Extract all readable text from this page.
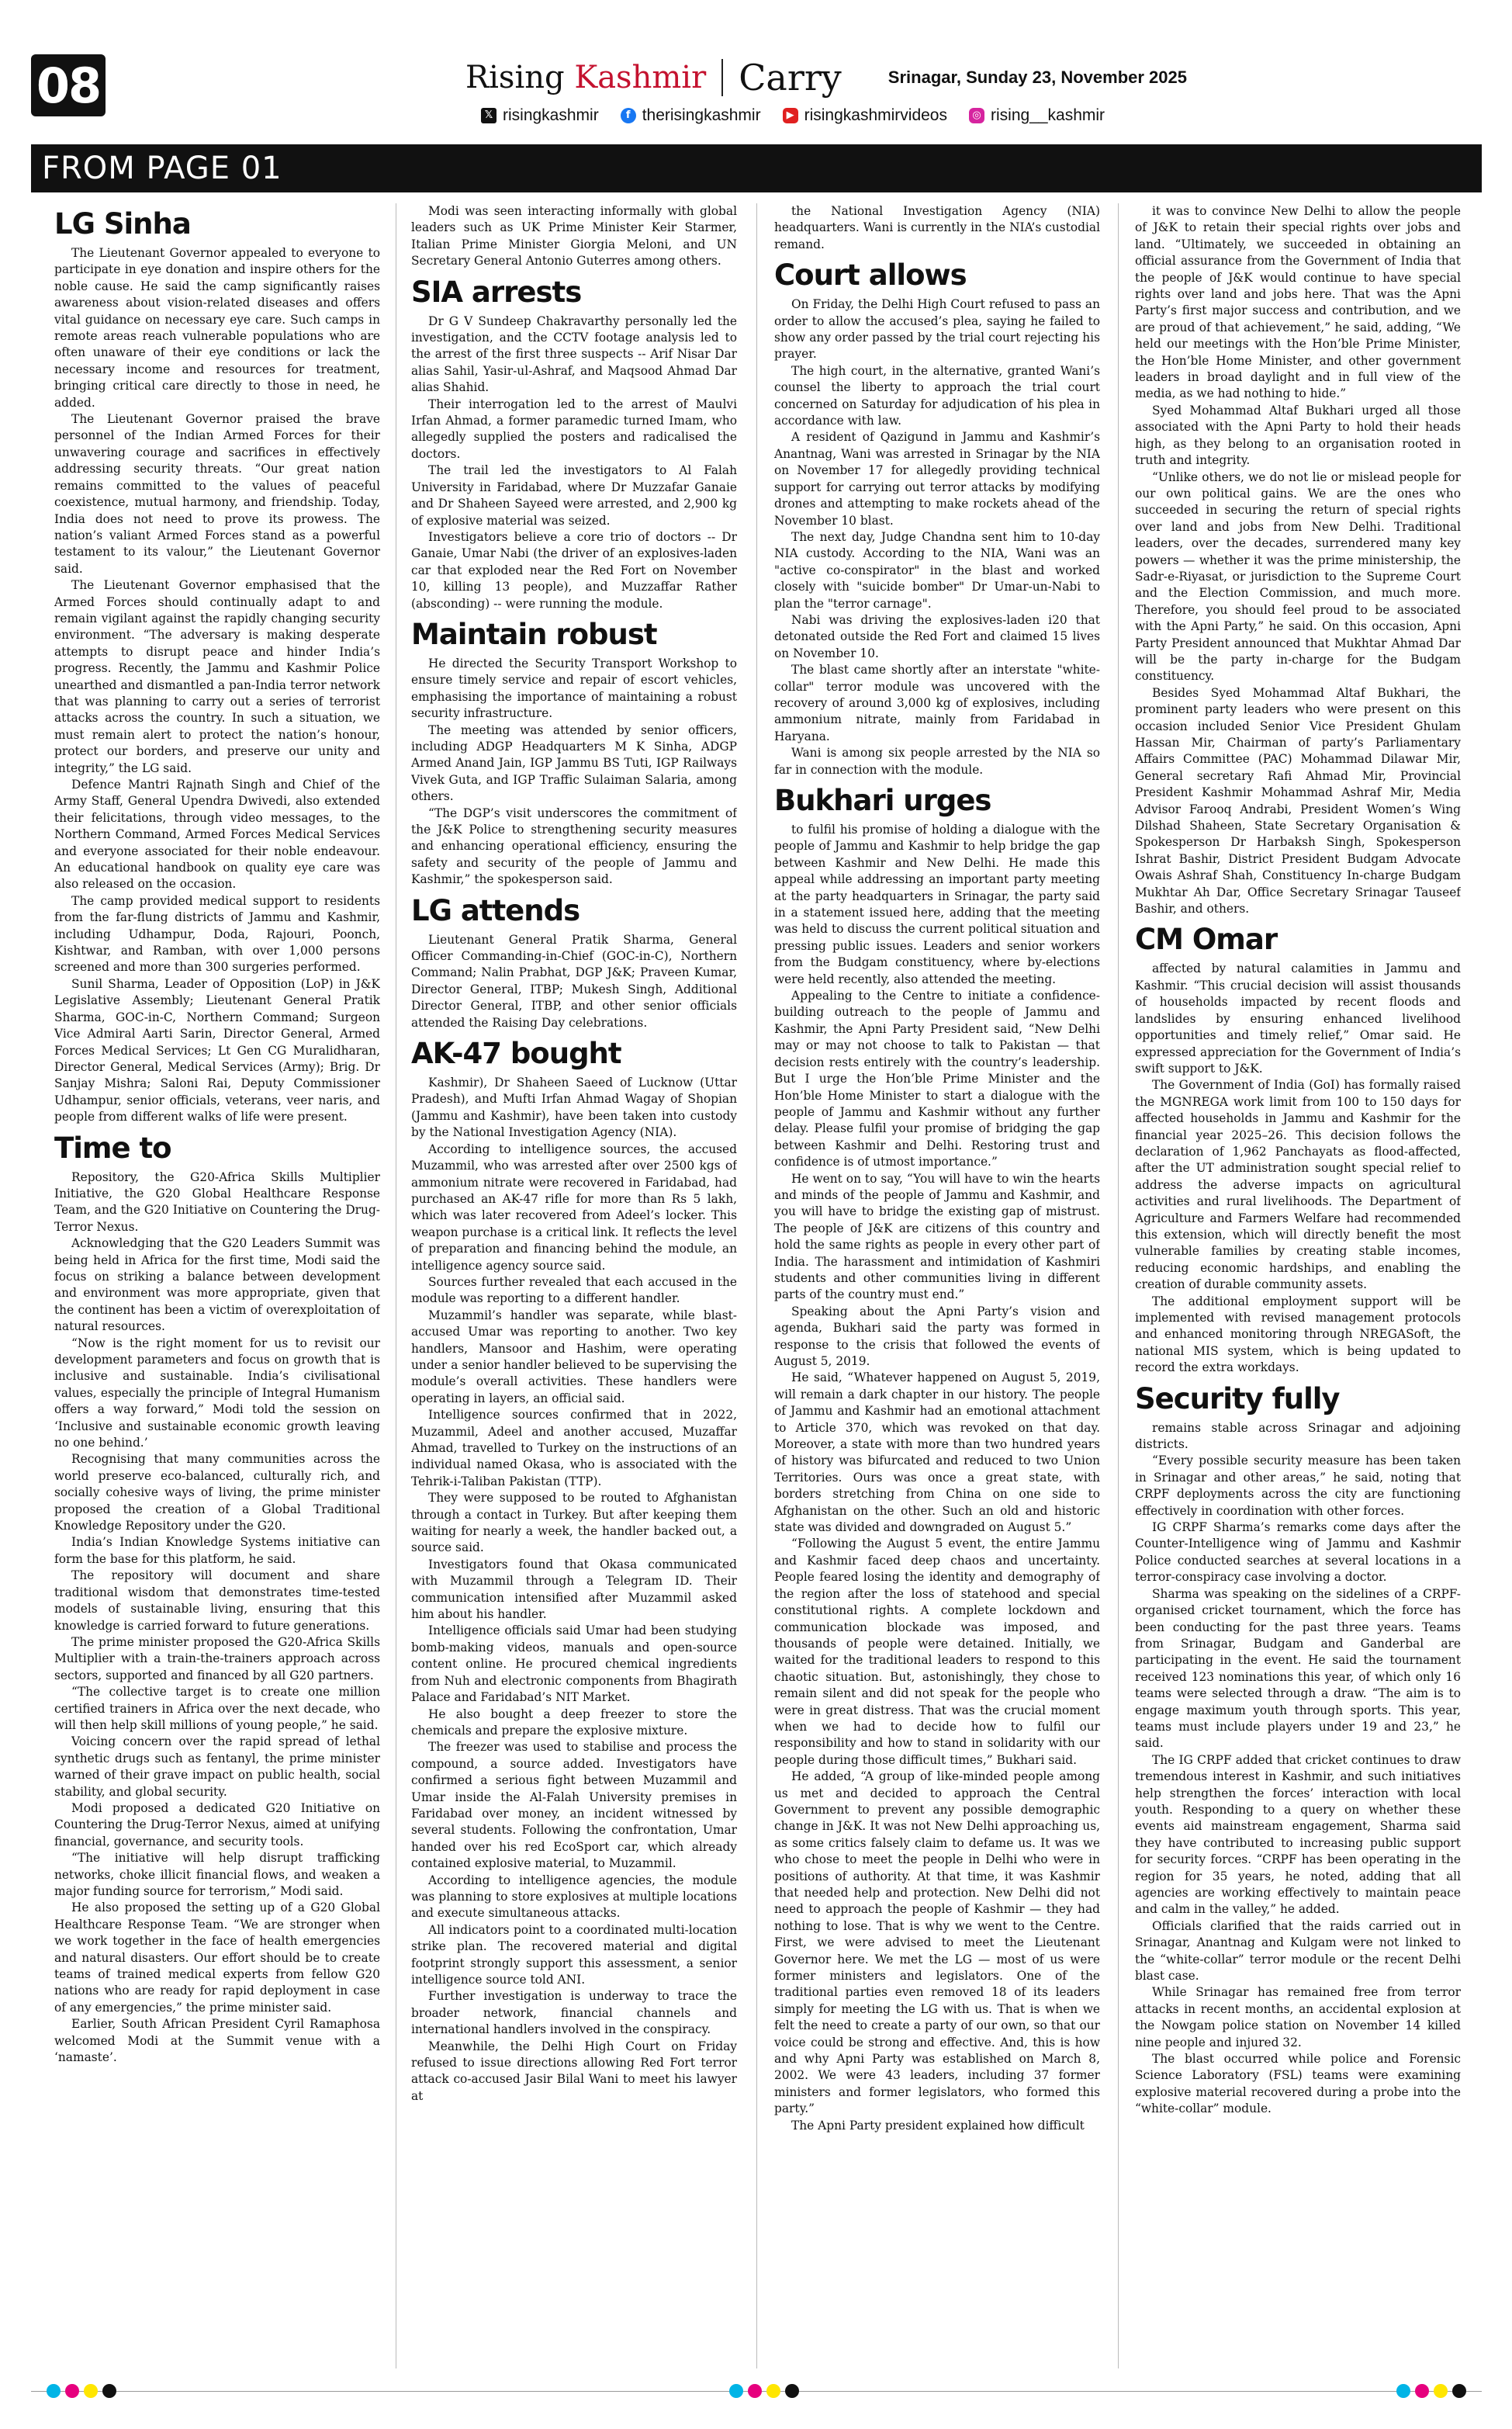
08	Rising Kashmir Carry	Srinagar, Sunday 23, November 2025
𝕏 risingkashmir	f therisingkashmir	▶ risingkashmirvideos	◎ rising__kashmir
FROM PAGE 01
LG Sinha

The Lieutenant Governor appealed to everyone to participate in eye donation and inspire others for the noble cause. He said the camp significantly raises awareness about vision-related diseases and offers vital guidance on necessary eye care. Such camps in remote areas reach vulnerable populations who are often unaware of their eye conditions or lack the necessary income and resources for treatment, bringing critical care directly to those in need, he added.

The Lieutenant Governor praised the brave personnel of the Indian Armed Forces for their unwavering courage and sacrifices in effectively addressing security threats. “Our great nation remains committed to the values of peaceful coexistence, mutual harmony, and friendship. Today, India does not need to prove its prowess. The nation’s valiant Armed Forces stand as a powerful testament to its valour,” the Lieutenant Governor said.

The Lieutenant Governor emphasised that the Armed Forces should continually adapt to and remain vigilant against the rapidly changing security environment. “The adversary is making desperate attempts to disrupt peace and hinder India’s progress. Recently, the Jammu and Kashmir Police unearthed and dismantled a pan-India terror network that was planning to carry out a series of terrorist attacks across the country. In such a situation, we must remain alert to protect the nation’s honour, protect our borders, and preserve our unity and integrity,” the LG said.

Defence Mantri Rajnath Singh and Chief of the Army Staff, General Upendra Dwivedi, also extended their felicitations, through video messages, to the Northern Command, Armed Forces Medical Services and everyone associated for their noble endeavour. An educational handbook on quality eye care was also released on the occasion.

The camp provided medical support to residents from the far-flung districts of Jammu and Kashmir, including Udhampur, Doda, Rajouri, Poonch, Kishtwar, and Ramban, with over 1,000 persons screened and more than 300 surgeries performed.

Sunil Sharma, Leader of Opposition (LoP) in J&K Legislative Assembly; Lieutenant General Pratik Sharma, GOC-in-C, Northern Command; Surgeon Vice Admiral Aarti Sarin, Director General, Armed Forces Medical Services; Lt Gen CG Muralidharan, Director General, Medical Services (Army); Brig. Dr Sanjay Mishra; Saloni Rai, Deputy Commissioner Udhampur, senior officials, veterans, veer naris, and people from different walks of life were present.

Time to

Repository, the G20-Africa Skills Multiplier Initiative, the G20 Global Healthcare Response Team, and the G20 Initiative on Countering the Drug-Terror Nexus.

Acknowledging that the G20 Leaders Summit was being held in Africa for the first time, Modi said the focus on striking a balance between development and environment was more appropriate, given that the continent has been a victim of overexploitation of natural resources.

“Now is the right moment for us to revisit our development parameters and focus on growth that is inclusive and sustainable. India’s civilisational values, especially the principle of Integral Humanism offers a way forward,” Modi told the session on ‘Inclusive and sustainable economic growth leaving no one behind.’

Recognising that many communities across the world preserve eco-balanced, culturally rich, and socially cohesive ways of living, the prime minister proposed the creation of a Global Traditional Knowledge Repository under the G20.

India’s Indian Knowledge Systems initiative can form the base for this platform, he said.

The repository will document and share traditional wisdom that demonstrates time-tested models of sustainable living, ensuring that this knowledge is carried forward to future generations.

The prime minister proposed the G20-Africa Skills Multiplier with a train-the-trainers approach across sectors, supported and financed by all G20 partners.

“The collective target is to create one million certified trainers in Africa over the next decade, who will then help skill millions of young people,” he said.

Voicing concern over the rapid spread of lethal synthetic drugs such as fentanyl, the prime minister warned of their grave impact on public health, social stability, and global security.

Modi proposed a dedicated G20 Initiative on Countering the Drug-Terror Nexus, aimed at unifying financial, governance, and security tools.

“The initiative will help disrupt trafficking networks, choke illicit financial flows, and weaken a major funding source for terrorism,” Modi said.

He also proposed the setting up of a G20 Global Healthcare Response Team. “We are stronger when we work together in the face of health emergencies and natural disasters. Our effort should be to create teams of trained medical experts from fellow G20 nations who are ready for rapid deployment in case of any emergencies,” the prime minister said.

Earlier, South African President Cyril Ramaphosa welcomed Modi at the Summit venue with a ‘namaste’.

Modi was seen interacting informally with global leaders such as UK Prime Minister Keir Starmer, Italian Prime Minister Giorgia Meloni, and UN Secretary General Antonio Guterres among others.

SIA arrests

Dr G V Sundeep Chakravarthy personally led the investigation, and the CCTV footage analysis led to the arrest of the first three suspects -- Arif Nisar Dar alias Sahil, Yasir-ul-Ashraf, and Maqsood Ahmad Dar alias Shahid.

Their interrogation led to the arrest of Maulvi Irfan Ahmad, a former paramedic turned Imam, who allegedly supplied the posters and radicalised the doctors.

The trail led the investigators to Al Falah University in Faridabad, where Dr Muzzafar Ganaie and Dr Shaheen Sayeed were arrested, and 2,900 kg of explosive material was seized.

Investigators believe a core trio of doctors -- Dr Ganaie, Umar Nabi (the driver of an explosives-laden car that exploded near the Red Fort on November 10, killing 13 people), and Muzzaffar Rather (absconding) -- were running the module.

Maintain robust

He directed the Security Transport Workshop to ensure timely service and repair of escort vehicles, emphasising the importance of maintaining a robust security infrastructure.

The meeting was attended by senior officers, including ADGP Headquarters M K Sinha, ADGP Armed Anand Jain, IGP Jammu BS Tuti, IGP Railways Vivek Guta, and IGP Traffic Sulaiman Salaria, among others.

“The DGP’s visit underscores the commitment of the J&K Police to strengthening security measures and enhancing operational efficiency, ensuring the safety and security of the people of Jammu and Kashmir,” the spokesperson said.

LG attends

Lieutenant General Pratik Sharma, General Officer Commanding-in-Chief (GOC-in-C), Northern Command; Nalin Prabhat, DGP J&K; Praveen Kumar, Director General, ITBP; Mukesh Singh, Additional Director General, ITBP, and other senior officials attended the Raising Day celebrations.

AK-47 bought

Kashmir), Dr Shaheen Saeed of Lucknow (Uttar Pradesh), and Mufti Irfan Ahmad Wagay of Shopian (Jammu and Kashmir), have been taken into custody by the National Investigation Agency (NIA).

According to intelligence sources, the accused Muzammil, who was arrested after over 2500 kgs of ammonium nitrate were recovered in Faridabad, had purchased an AK-47 rifle for more than Rs 5 lakh, which was later recovered from Adeel’s locker. This weapon purchase is a critical link. It reflects the level of preparation and financing behind the module, an intelligence agency source said.

Sources further revealed that each accused in the module was reporting to a different handler.

Muzammil’s handler was separate, while blast-accused Umar was reporting to another. Two key handlers, Mansoor and Hashim, were operating under a senior handler believed to be supervising the module’s overall activities. These handlers were operating in layers, an official said.

Intelligence sources confirmed that in 2022, Muzammil, Adeel and another accused, Muzaffar Ahmad, travelled to Turkey on the instructions of an individual named Okasa, who is associated with the Tehrik-i-Taliban Pakistan (TTP).

They were supposed to be routed to Afghanistan through a contact in Turkey. But after keeping them waiting for nearly a week, the handler backed out, a source said.

Investigators found that Okasa communicated with Muzammil through a Telegram ID. Their communication intensified after Muzammil asked him about his handler.

Intelligence officials said Umar had been studying bomb-making videos, manuals and open-source content online. He procured chemical ingredients from Nuh and electronic components from Bhagirath Palace and Faridabad’s NIT Market.

He also bought a deep freezer to store the chemicals and prepare the explosive mixture.

The freezer was used to stabilise and process the compound, a source added. Investigators have confirmed a serious fight between Muzammil and Umar inside the Al-Falah University premises in Faridabad over money, an incident witnessed by several students. Following the confrontation, Umar handed over his red EcoSport car, which already contained explosive material, to Muzammil.

According to intelligence agencies, the module was planning to store explosives at multiple locations and execute simultaneous attacks.

All indicators point to a coordinated multi-location strike plan. The recovered material and digital footprint strongly support this assessment, a senior intelligence source told ANI.

Further investigation is underway to trace the broader network, financial channels and international handlers involved in the conspiracy.

Meanwhile, the Delhi High Court on Friday refused to issue directions allowing Red Fort terror attack co-accused Jasir Bilal Wani to meet his lawyer at

the National Investigation Agency (NIA) headquarters. Wani is currently in the NIA’s custodial remand.

Court allows

On Friday, the Delhi High Court refused to pass an order to allow the accused’s plea, saying he failed to show any order passed by the trial court rejecting his prayer.

The high court, in the alternative, granted Wani’s counsel the liberty to approach the trial court concerned on Saturday for adjudication of his plea in accordance with law.

A resident of Qazigund in Jammu and Kashmir’s Anantnag, Wani was arrested in Srinagar by the NIA on November 17 for allegedly providing technical support for carrying out terror attacks by modifying drones and attempting to make rockets ahead of the November 10 blast.

The next day, Judge Chandna sent him to 10-day NIA custody. According to the NIA, Wani was an "active co-conspirator" in the blast and worked closely with "suicide bomber" Dr Umar-un-Nabi to plan the "terror carnage".

Nabi was driving the explosives-laden i20 that detonated outside the Red Fort and claimed 15 lives on November 10.

The blast came shortly after an interstate "white-collar" terror module was uncovered with the recovery of around 3,000 kg of explosives, including ammonium nitrate, mainly from Faridabad in Haryana.

Wani is among six people arrested by the NIA so far in connection with the module.

Bukhari urges

to fulfil his promise of holding a dialogue with the people of Jammu and Kashmir to help bridge the gap between Kashmir and New Delhi. He made this appeal while addressing an important party meeting at the party headquarters in Srinagar, the party said in a statement issued here, adding that the meeting was held to discuss the current political situation and pressing public issues. Leaders and senior workers from the Budgam constituency, where by-elections were held recently, also attended the meeting.

Appealing to the Centre to initiate a confidence-building outreach to the people of Jammu and Kashmir, the Apni Party President said, “New Delhi may or may not choose to talk to Pakistan — that decision rests entirely with the country’s leadership. But I urge the Hon’ble Prime Minister and the Hon’ble Home Minister to start a dialogue with the people of Jammu and Kashmir without any further delay. Please fulfil your promise of bridging the gap between Kashmir and Delhi. Restoring trust and confidence is of utmost importance.”

He went on to say, “You will have to win the hearts and minds of the people of Jammu and Kashmir, and you will have to bridge the existing gap of mistrust. The people of J&K are citizens of this country and hold the same rights as people in every other part of India. The harassment and intimidation of Kashmiri students and other communities living in different parts of the country must end.”

Speaking about the Apni Party’s vision and agenda, Bukhari said the party was formed in response to the crisis that followed the events of August 5, 2019.

He said, “Whatever happened on August 5, 2019, will remain a dark chapter in our history. The people of Jammu and Kashmir had an emotional attachment to Article 370, which was revoked on that day. Moreover, a state with more than two hundred years of history was bifurcated and reduced to two Union Territories. Ours was once a great state, with borders stretching from China on one side to Afghanistan on the other. Such an old and historic state was divided and downgraded on August 5.”

“Following the August 5 event, the entire Jammu and Kashmir faced deep chaos and uncertainty. People feared losing the identity and demography of the region after the loss of statehood and special constitutional rights. A complete lockdown and communication blockade was imposed, and thousands of people were detained. Initially, we waited for the traditional leaders to respond to this chaotic situation. But, astonishingly, they chose to remain silent and did not speak for the people who were in great distress. That was the crucial moment when we had to decide how to fulfil our responsibility and how to stand in solidarity with our people during those difficult times,” Bukhari said.

He added, “A group of like-minded people among us met and decided to approach the Central Government to prevent any possible demographic change in J&K. It was not New Delhi approaching us, as some critics falsely claim to defame us. It was we who chose to meet the people in Delhi who were in positions of authority. At that time, it was Kashmir that needed help and protection. New Delhi did not need to approach the people of Kashmir — they had nothing to lose. That is why we went to the Centre. First, we were advised to meet the Lieutenant Governor here. We met the LG — most of us were former ministers and legislators. One of the traditional parties even removed 18 of its leaders simply for meeting the LG with us. That is when we felt the need to create a party of our own, so that our voice could be strong and effective. And, this is how and why Apni Party was established on March 8, 2002. We were 43 leaders, including 37 former ministers and former legislators, who formed this party.”

The Apni Party president explained how difficult

it was to convince New Delhi to allow the people of J&K to retain their special rights over jobs and land. “Ultimately, we succeeded in obtaining an official assurance from the Government of India that the people of J&K would continue to have special rights over land and jobs here. That was the Apni Party’s first major success and contribution, and we are proud of that achievement,” he said, adding, “We held our meetings with the Hon’ble Prime Minister, the Hon’ble Home Minister, and other government leaders in broad daylight and in full view of the media, as we had nothing to hide.”

Syed Mohammad Altaf Bukhari urged all those associated with the Apni Party to hold their heads high, as they belong to an organisation rooted in truth and integrity.

“Unlike others, we do not lie or mislead people for our own political gains. We are the ones who succeeded in securing the return of special rights over land and jobs from New Delhi. Traditional leaders, over the decades, surrendered many key powers — whether it was the prime ministership, the Sadr-e-Riyasat, or jurisdiction to the Supreme Court and the Election Commission, and much more. Therefore, you should feel proud to be associated with the Apni Party,” he said. On this occasion, Apni Party President announced that Mukhtar Ahmad Dar will be the party in-charge for the Budgam constituency.

Besides Syed Mohammad Altaf Bukhari, the prominent party leaders who were present on this occasion included Senior Vice President Ghulam Hassan Mir, Chairman of party’s Parliamentary Affairs Committee (PAC) Mohammad Dilawar Mir, General secretary Rafi Ahmad Mir, Provincial President Kashmir Mohammad Ashraf Mir, Media Advisor Farooq Andrabi, President Women’s Wing Dilshad Shaheen, State Secretary Organisation & Spokesperson Dr Harbaksh Singh, Spokesperson Ishrat Bashir, District President Budgam Advocate Owais Ashraf Shah, Constituency In-charge Budgam Mukhtar Ah Dar, Office Secretary Srinagar Tauseef Bashir, and others.

CM Omar

affected by natural calamities in Jammu and Kashmir. “This crucial decision will assist thousands of households impacted by recent floods and landslides by ensuring enhanced livelihood opportunities and timely relief,” Omar said. He expressed appreciation for the Government of India’s swift support to J&K.

The Government of India (GoI) has formally raised the MGNREGA work limit from 100 to 150 days for affected households in Jammu and Kashmir for the financial year 2025–26. This decision follows the declaration of 1,962 Panchayats as flood-affected, after the UT administration sought special relief to address the adverse impacts on agricultural activities and rural livelihoods. The Department of Agriculture and Farmers Welfare had recommended this extension, which will directly benefit the most vulnerable families by creating stable incomes, reducing economic hardships, and enabling the creation of durable community assets.

The additional employment support will be implemented with revised management protocols and enhanced monitoring through NREGASoft, the national MIS system, which is being updated to record the extra workdays.

Security fully

remains stable across Srinagar and adjoining districts.

“Every possible security measure has been taken in Srinagar and other areas,” he said, noting that CRPF deployments across the city are functioning effectively in coordination with other forces.

IG CRPF Sharma’s remarks come days after the Counter-Intelligence wing of Jammu and Kashmir Police conducted searches at several locations in a terror-conspiracy case involving a doctor.

Sharma was speaking on the sidelines of a CRPF-organised cricket tournament, which the force has been conducting for the past three years. Teams from Srinagar, Budgam and Ganderbal are participating in the event. He said the tournament received 123 nominations this year, of which only 16 teams were selected through a draw. “The aim is to engage maximum youth through sports. This year, teams must include players under 19 and 23,” he said.

The IG CRPF added that cricket continues to draw tremendous interest in Kashmir, and such initiatives help strengthen the forces’ interaction with local youth. Responding to a query on whether these events aid mainstream engagement, Sharma said they have contributed to increasing public support for security forces. “CRPF has been operating in the region for 35 years, he noted, adding that all agencies are working effectively to maintain peace and calm in the valley,” he added.

Officials clarified that the raids carried out in Srinagar, Anantnag and Kulgam were not linked to the “white-collar” terror module or the recent Delhi blast case.

While Srinagar has remained free from terror attacks in recent months, an accidental explosion at the Nowgam police station on November 14 killed nine people and injured 32.

The blast occurred while police and Forensic Science Laboratory (FSL) teams were examining explosive material recovered during a probe into the “white-collar” module.
